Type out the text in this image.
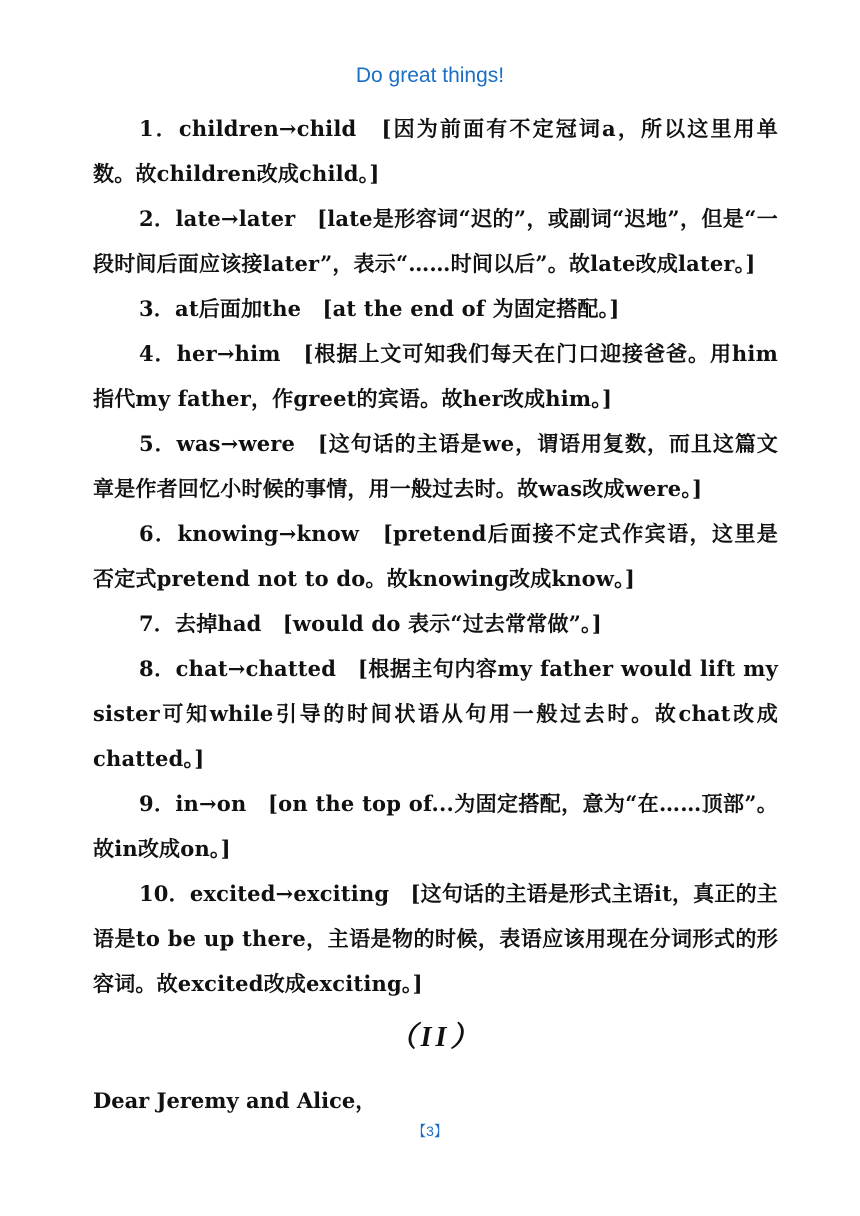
Do great things!

1．children→child　[因为前面有不定冠词a，所以这里用单数。故children改成child。]

2．late→later　[late是形容词“迟的”，或副词“迟地”，但是“一段时间后面应该接later”，表示“……时间以后”。故late改成later。]

3．at后面加the　[at the end of 为固定搭配。]

4．her→him　[根据上文可知我们每天在门口迎接爸爸。用him指代my father，作greet的宾语。故her改成him。]

5．was→were　[这句话的主语是we，谓语用复数，而且这篇文章是作者回忆小时候的事情，用一般过去时。故was改成were。]

6．knowing→know　[pretend后面接不定式作宾语，这里是否定式pretend not to do。故knowing改成know。]

7．去掉had　[would do 表示“过去常常做”。]

8．chat→chatted　[根据主句内容my father would lift my sister可知while引导的时间状语从句用一般过去时。故chat改成chatted。]

9．in→on　[on the top of...为固定搭配，意为“在……顶部”。故in改成on。]

10．excited→exciting　[这句话的主语是形式主语it，真正的主语是to be up there，主语是物的时候，表语应该用现在分词形式的形容词。故excited改成exciting。]

（II）

Dear Jeremy and Alice，

【3】
